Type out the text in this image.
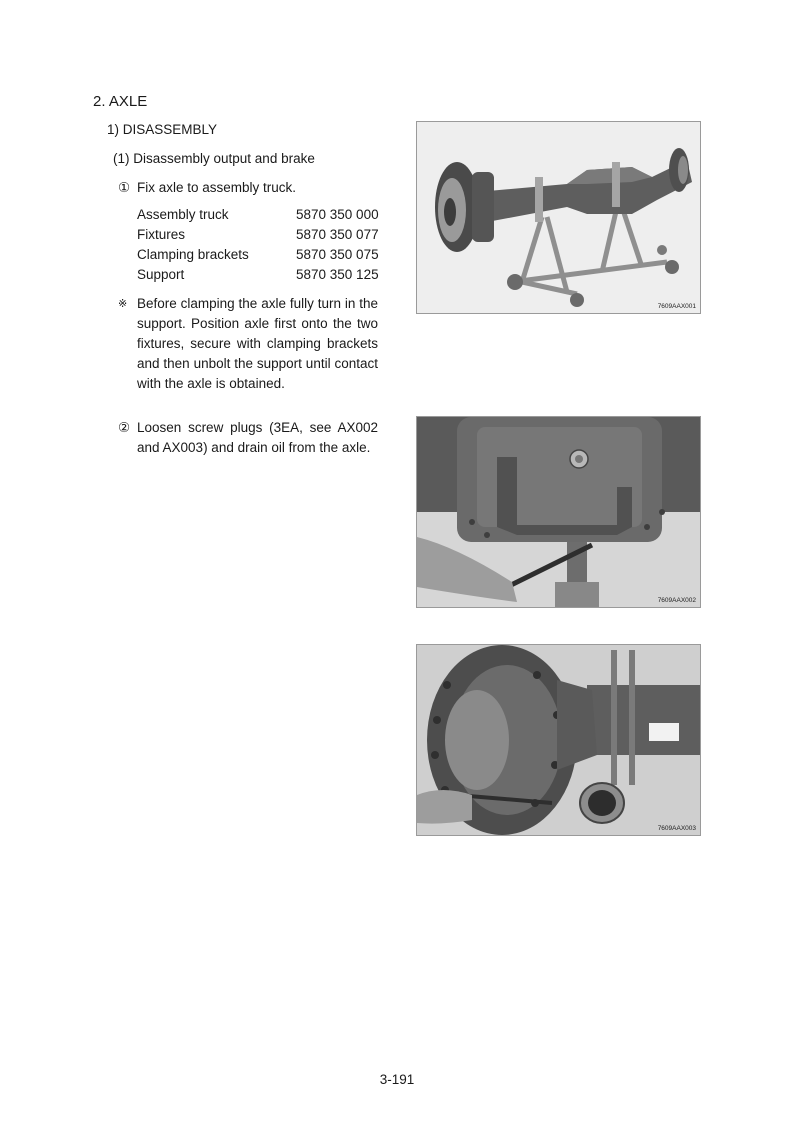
2. AXLE
1) DISASSEMBLY
(1) Disassembly output and brake
① Fix axle to assembly truck.
Assembly truck	5870 350 000
Fixtures	5870 350 077
Clamping brackets	5870 350 075
Support	5870 350 125
※ Before clamping the axle fully turn in the support. Position axle first onto the two fixtures, secure with clamping brackets and then unbolt the support until contact with the axle is obtained.
② Loosen screw plugs (3EA, see AX002 and AX003) and drain oil from the axle.
7609AAX001
7609AAX002
7609AAX003
3-191
